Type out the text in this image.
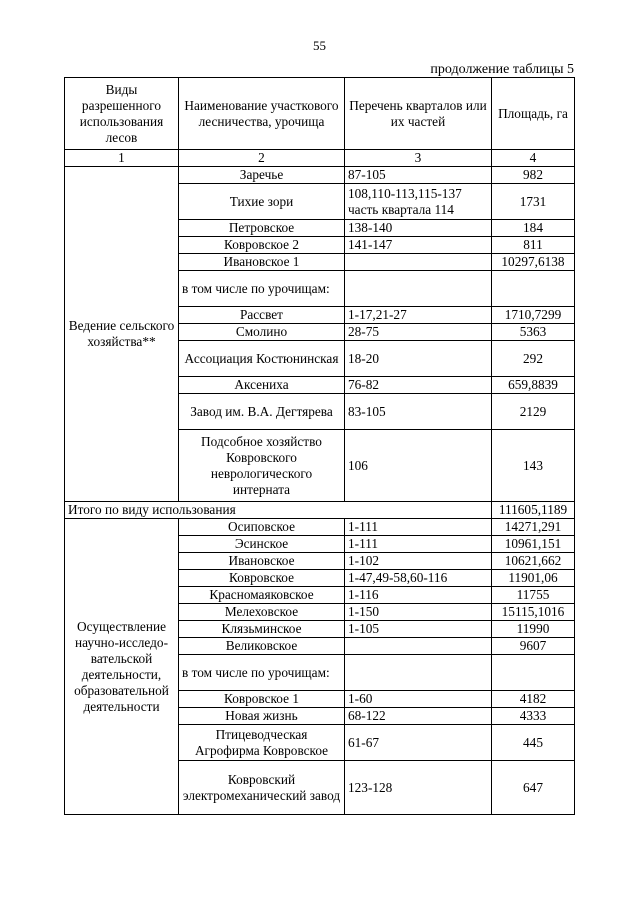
55
продолжение таблицы 5
Виды разрешенного использования лесов	Наименование участкового лесничества, урочища	Перечень кварталов или их частей	Площадь, га
1	2	3	4
Ведение сельского хозяйства**	Заречье	87-105	982
	Тихие зори	108,110-113,115-137 часть квартала 114	1731
	Петровское	138-140	184
	Ковровское 2	141-147	811
	Ивановское 1		10297,6138
	в том числе по урочищам:		
	Рассвет	1-17,21-27	1710,7299
	Смолино	28-75	5363
	Ассоциация Костюнинская	18-20	292
	Аксениха	76-82	659,8839
	Завод им. В.А. Дегтярева	83-105	2129
	Подсобное хозяйство Ковровского неврологического интерната	106	143
Итого по виду использования			111605,1189
Осуществление научно-исследо-вательской деятельности, образовательной деятельности	Осиповское	1-111	14271,291
	Эсинское	1-111	10961,151
	Ивановское	1-102	10621,662
	Ковровское	1-47,49-58,60-116	11901,06
	Красномаяковское	1-116	11755
	Мелеховское	1-150	15115,1016
	Клязьминское	1-105	11990
	Великовское		9607
	в том числе по урочищам:		
	Ковровское 1	1-60	4182
	Новая жизнь	68-122	4333
	Птицеводческая Агрофирма Ковровское	61-67	445
	Ковровский электромеханический завод	123-128	647
